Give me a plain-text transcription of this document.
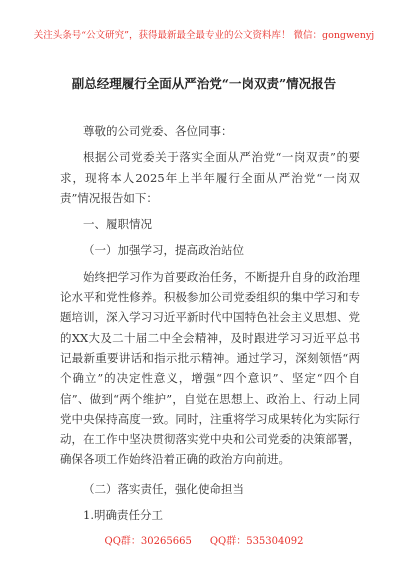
关注头条号“公文研究”，获得最新最全最专业的公文资料库！ 微信：gongwenyj
副总经理履行全面从严治党“一岗双责”情况报告

尊敬的公司党委、各位同事：

根据公司党委关于落实全面从严治党“一岗双责”的要求，现将本人2025年上半年履行全面从严治党“一岗双责”情况报告如下：

一、履职情况

（一）加强学习，提高政治站位

始终把学习作为首要政治任务，不断提升自身的政治理论水平和党性修养。积极参加公司党委组织的集中学习和专题培训，深入学习习近平新时代中国特色社会主义思想、党的XX大及二十届二中全会精神，及时跟进学习习近平总书记最新重要讲话和指示批示精神。通过学习，深刻领悟“两个确立”的决定性意义，增强“四个意识”、坚定“四个自信”、做到“两个维护”，自觉在思想上、政治上、行动上同党中央保持高度一致。同时，注重将学习成果转化为实际行动，在工作中坚决贯彻落实党中央和公司党委的决策部署，确保各项工作始终沿着正确的政治方向前进。

（二）落实责任，强化使命担当

1.明确责任分工

QQ群：30265665 QQ群：535304092
